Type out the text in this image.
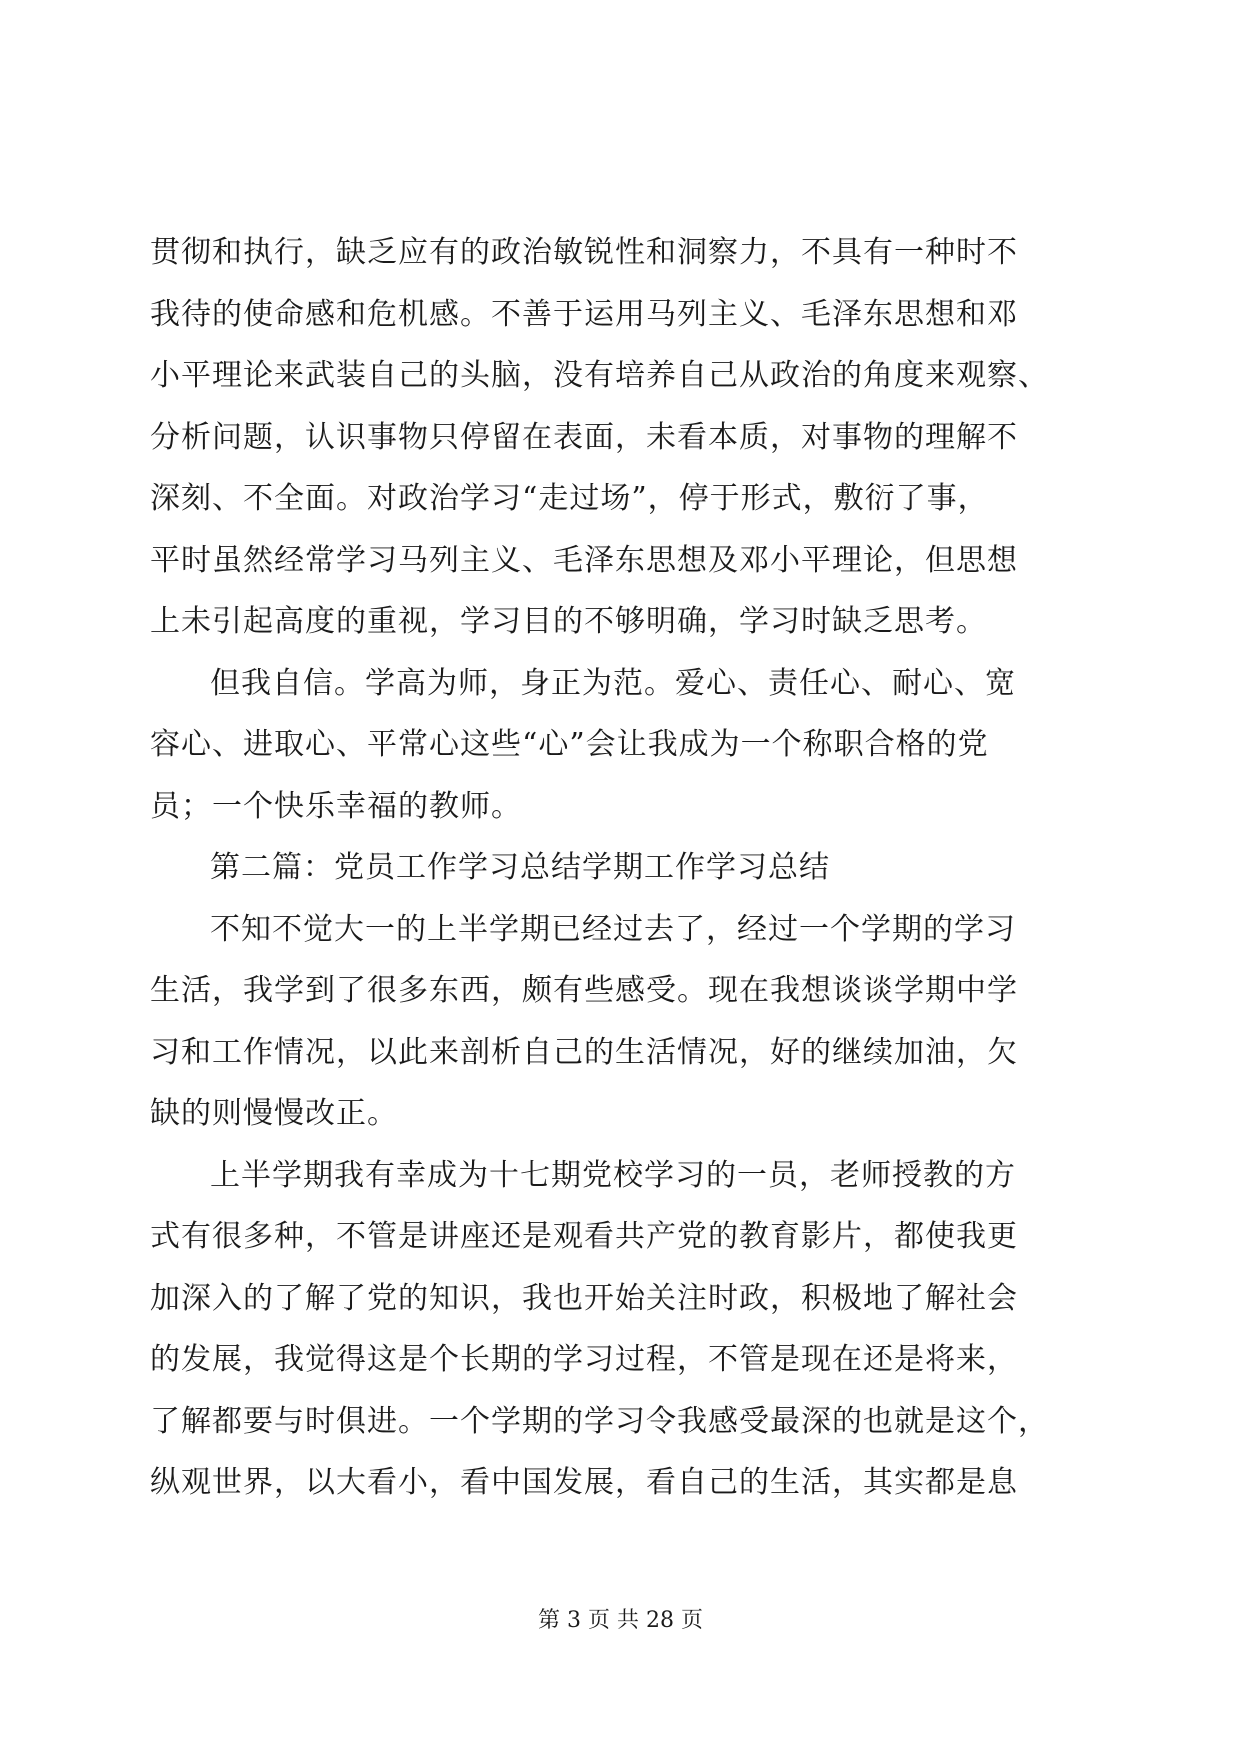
贯彻和执行，缺乏应有的政治敏锐性和洞察力，不具有一种时不
我待的使命感和危机感。不善于运用马列主义、毛泽东思想和邓
小平理论来武装自己的头脑，没有培养自己从政治的角度来观察、
分析问题，认识事物只停留在表面，未看本质，对事物的理解不
深刻、不全面。对政治学习“走过场”，停于形式，敷衍了事，
平时虽然经常学习马列主义、毛泽东思想及邓小平理论，但思想
上未引起高度的重视，学习目的不够明确，学习时缺乏思考。
但我自信。学高为师，身正为范。爱心、责任心、耐心、宽
容心、进取心、平常心这些“心”会让我成为一个称职合格的党
员；一个快乐幸福的教师。
第二篇：党员工作学习总结学期工作学习总结
不知不觉大一的上半学期已经过去了，经过一个学期的学习
生活，我学到了很多东西，颇有些感受。现在我想谈谈学期中学
习和工作情况，以此来剖析自己的生活情况，好的继续加油，欠
缺的则慢慢改正。
上半学期我有幸成为十七期党校学习的一员，老师授教的方
式有很多种，不管是讲座还是观看共产党的教育影片，都使我更
加深入的了解了党的知识，我也开始关注时政，积极地了解社会
的发展，我觉得这是个长期的学习过程，不管是现在还是将来，
了解都要与时俱进。一个学期的学习令我感受最深的也就是这个，
纵观世界，以大看小，看中国发展，看自己的生活，其实都是息
第 3 页 共 28 页
